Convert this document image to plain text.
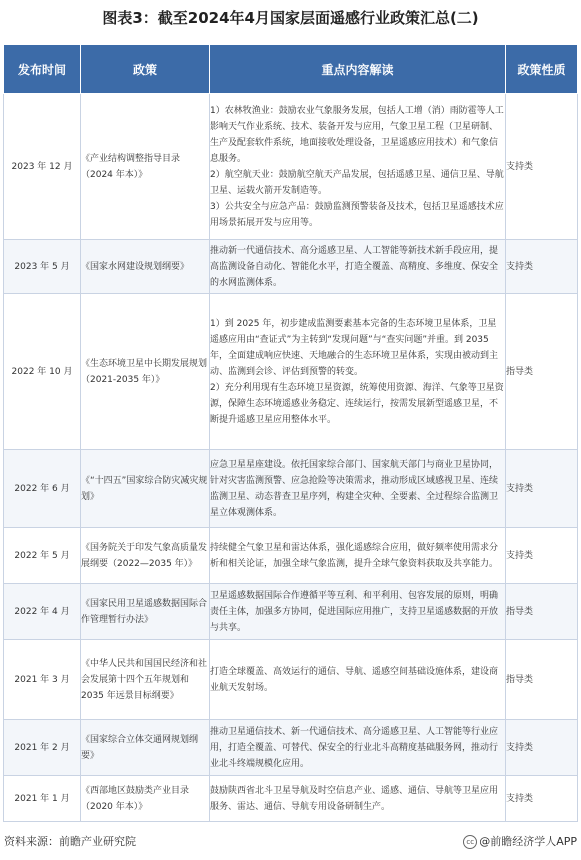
图表3：截至2024年4月国家层面遥感行业政策汇总(二)
发布时间	政策	重点内容解读	政策性质
2023 年 12 月	《产业结构调整指导目录（2024 年本）》	1）农林牧渔业：鼓励农业气象服务发展，包括人工增（消）雨防雹等人工影响天气作业系统、技术、装备开发与应用，气象卫星工程（卫星研制、生产及配套软件系统，地面接收处理设备，卫星遥感应用技术）和气象信息服务。
2）航空航天业：鼓励航空航天产品发展，包括遥感卫星、通信卫星、导航卫星、运载火箭开发制造等。
3）公共安全与应急产品：鼓励监测预警装备及技术，包括卫星遥感技术应用场景拓展开发与应用等。	支持类
2023 年 5 月	《国家水网建设规划纲要》	推动新一代通信技术、高分遥感卫星、人工智能等新技术新手段应用，提高监测设备自动化、智能化水平，打造全覆盖、高精度、多维度、保安全的水网监测体系。	支持类
2022 年 10 月	《生态环境卫星中长期发展规划（2021-2035 年）》	1）到 2025 年，初步建成监测要素基本完备的生态环境卫星体系，卫星遥感应用由“查证式”为主转到“发现问题”与“查实问题”并重。到 2035 年，全面建成响应快速、天地融合的生态环境卫星体系，实现由被动到主动、监测到会诊、评估到预警的转变。
2）充分利用现有生态环境卫星资源，统筹使用资源、海洋、气象等卫星资源，保障生态环境遥感业务稳定、连续运行，按需发展新型遥感卫星，不断提升遥感卫星应用整体水平。	指导类
2022 年 6 月	《“十四五”国家综合防灾减灾规划》	应急卫星星座建设。依托国家综合部门、国家航天部门与商业卫星协同，针对灾害监测预警、应急抢险等决策需求，推动形成区域感视卫星、连续监测卫星、动态普查卫星序列，构建全灾种、全要素、全过程综合监测卫星立体观测体系。	支持类
2022 年 5 月	《国务院关于印发气象高质量发展纲要（2022—2035 年）》	持续健全气象卫星和雷达体系，强化遥感综合应用，做好频率使用需求分析和相关论证，加强全球气象监测，提升全球气象资料获取及共享能力。	支持类
2022 年 4 月	《国家民用卫星遥感数据国际合作管理暂行办法》	卫星遥感数据国际合作遵循平等互利、和平利用、包容发展的原则，明确责任主体，加强多方协同，促进国际应用推广，支持卫星遥感数据的开放与共享。	指导类
2021 年 3 月	《中华人民共和国国民经济和社会发展第十四个五年规划和 2035 年远景目标纲要》	打造全球覆盖、高效运行的通信、导航、遥感空间基础设施体系，建设商业航天发射场。	指导类
2021 年 2 月	《国家综合立体交通网规划纲要》	推动卫星通信技术、新一代通信技术、高分遥感卫星、人工智能等行业应用，打造全覆盖、可替代、保安全的行业北斗高精度基础服务网，推动行业北斗终端规模化应用。	支持类
2021 年 1 月	《西部地区鼓励类产业目录（2020 年本）》	鼓励陕西省北斗卫星导航及时空信息产业、遥感、通信、导航等卫星应用服务、雷达、通信、导航专用设备研制生产。	支持类
资料来源：前瞻产业研究院	cc @前瞻经济学人APP
